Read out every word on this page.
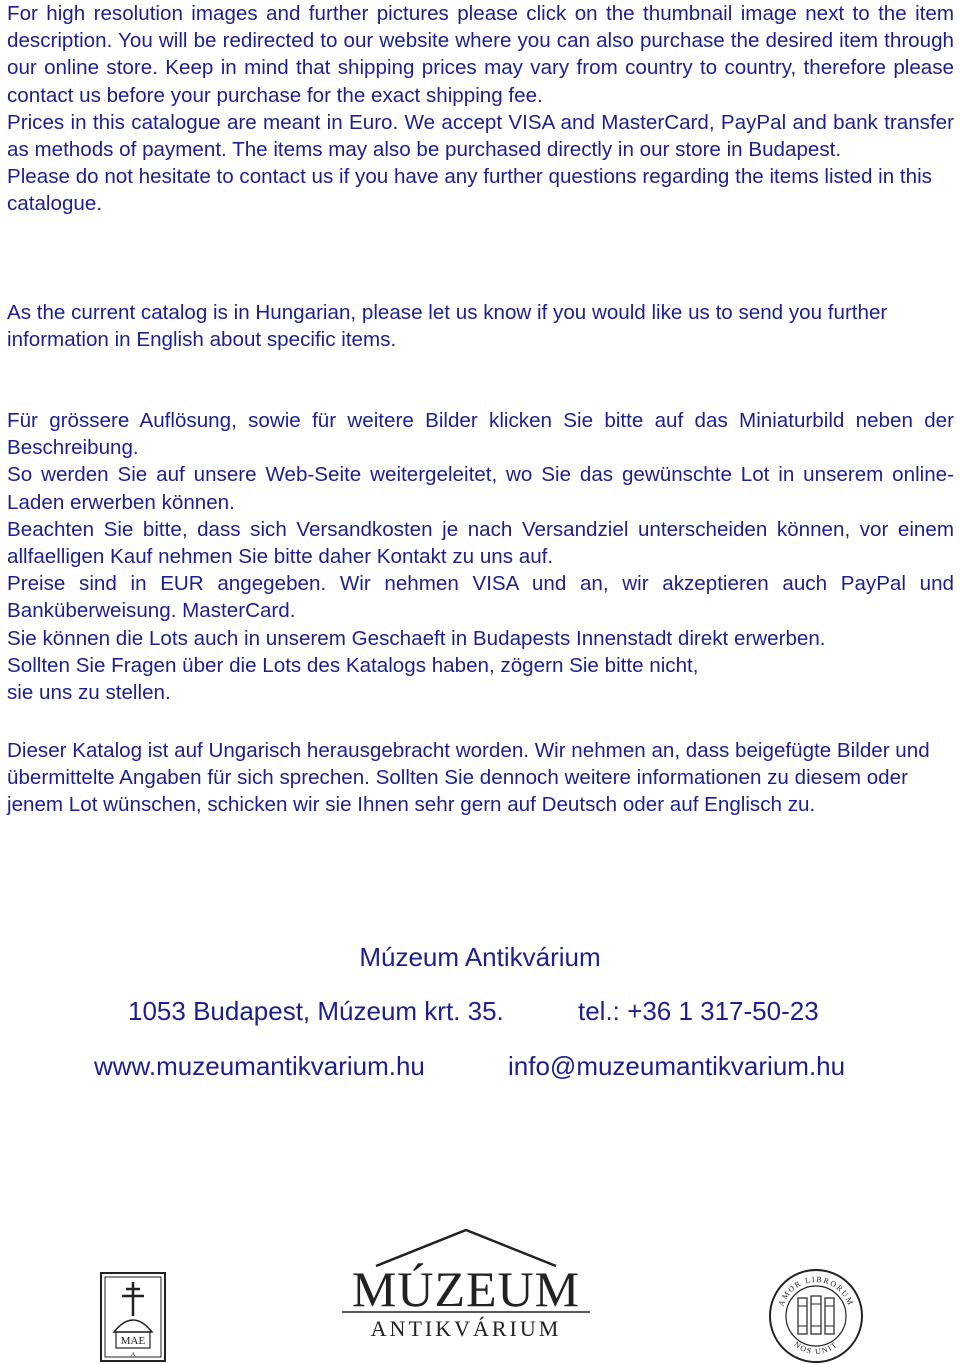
For high resolution images and further pictures please click on the thumbnail image next to the item description. You will be redirected to our website where you can also purchase the desired item through our online store. Keep in mind that shipping prices may vary from country to country, therefore please contact us before your purchase for the exact shipping fee.

Prices in this catalogue are meant in Euro. We accept VISA and MasterCard, PayPal and bank transfer as methods of payment. The items may also be purchased directly in our store in Budapest.

Please do not hesitate to contact us if you have any further questions regarding the items listed in this catalogue.

As the current catalog is in Hungarian, please let us know if you would like us to send you further information in English about specific items.

Für grössere Auflösung, sowie für weitere Bilder klicken Sie bitte auf das Miniaturbild neben der Beschreibung.

So werden Sie auf unsere Web-Seite weitergeleitet, wo Sie das gewünschte Lot in unserem online-Laden erwerben können.

Beachten Sie bitte, dass sich Versandkosten je nach Versandziel unterscheiden können, vor einem allfaelligen Kauf nehmen Sie bitte daher Kontakt zu uns auf.

Preise sind in EUR angegeben. Wir nehmen VISA und an, wir akzeptieren auch PayPal und Banküberweisung. MasterCard.

Sie können die Lots auch in unserem Geschaeft in Budapests Innenstadt direkt erwerben.

Sollten Sie Fragen über die Lots des Katalogs haben, zögern Sie bitte nicht,

sie uns zu stellen.

Dieser Katalog ist auf Ungarisch herausgebracht worden. Wir nehmen an, dass beigefügte Bilder und übermittelte Angaben für sich sprechen. Sollten Sie dennoch weitere informationen zu diesem oder jenem Lot wünschen, schicken wir sie Ihnen sehr gern auf Deutsch oder auf Englisch zu.

Múzeum Antikvárium
1053 Budapest, Múzeum krt. 35.	tel.: +36 1 317-50-23
www.muzeumantikvarium.hu	info@muzeumantikvarium.hu
MAE
A
MÚZEUM
ANTIKVÁRIUM
AMOR LIBRORUM
NOS UNIT
